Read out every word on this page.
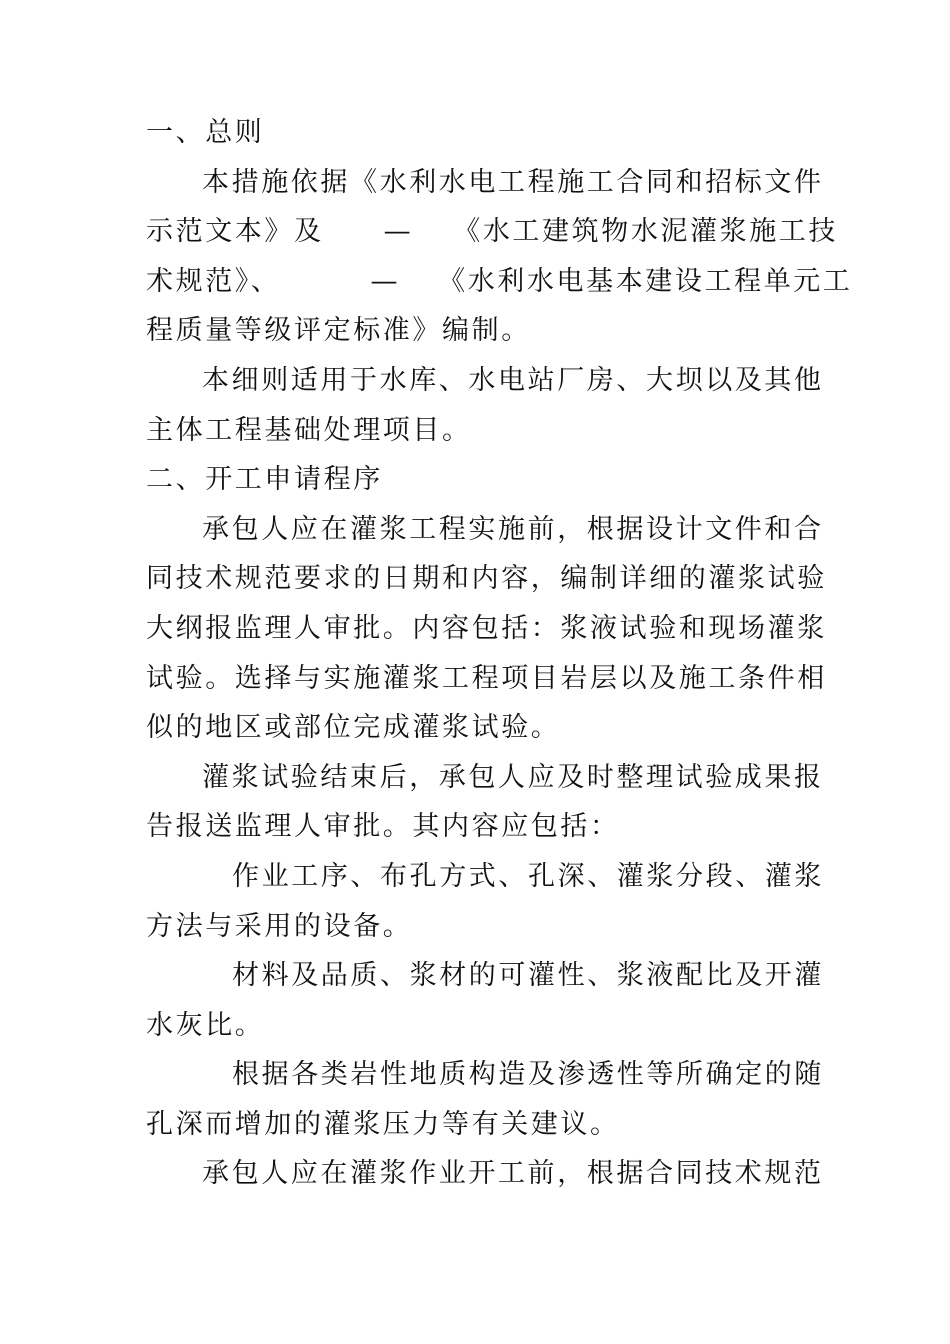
一、总则

本措施依据《水利水电工程施工合同和招标文件
示范文本》及 — 《水工建筑物水泥灌浆施工技
术规范》、	— 《水利水电基本建设工程单元工
程质量等级评定标准》编制。

本细则适用于水库、水电站厂房、大坝以及其他
主体工程基础处理项目。

二、开工申请程序

承包人应在灌浆工程实施前，根据设计文件和合
同技术规范要求的日期和内容，编制详细的灌浆试验
大纲报监理人审批。内容包括：浆液试验和现场灌浆
试验。选择与实施灌浆工程项目岩层以及施工条件相
似的地区或部位完成灌浆试验。

灌浆试验结束后，承包人应及时整理试验成果报
告报送监理人审批。其内容应包括：

作业工序、布孔方式、孔深、灌浆分段、灌浆
方法与采用的设备。

材料及品质、浆材的可灌性、浆液配比及开灌
水灰比。

根据各类岩性地质构造及渗透性等所确定的随
孔深而增加的灌浆压力等有关建议。

承包人应在灌浆作业开工前，根据合同技术规范
